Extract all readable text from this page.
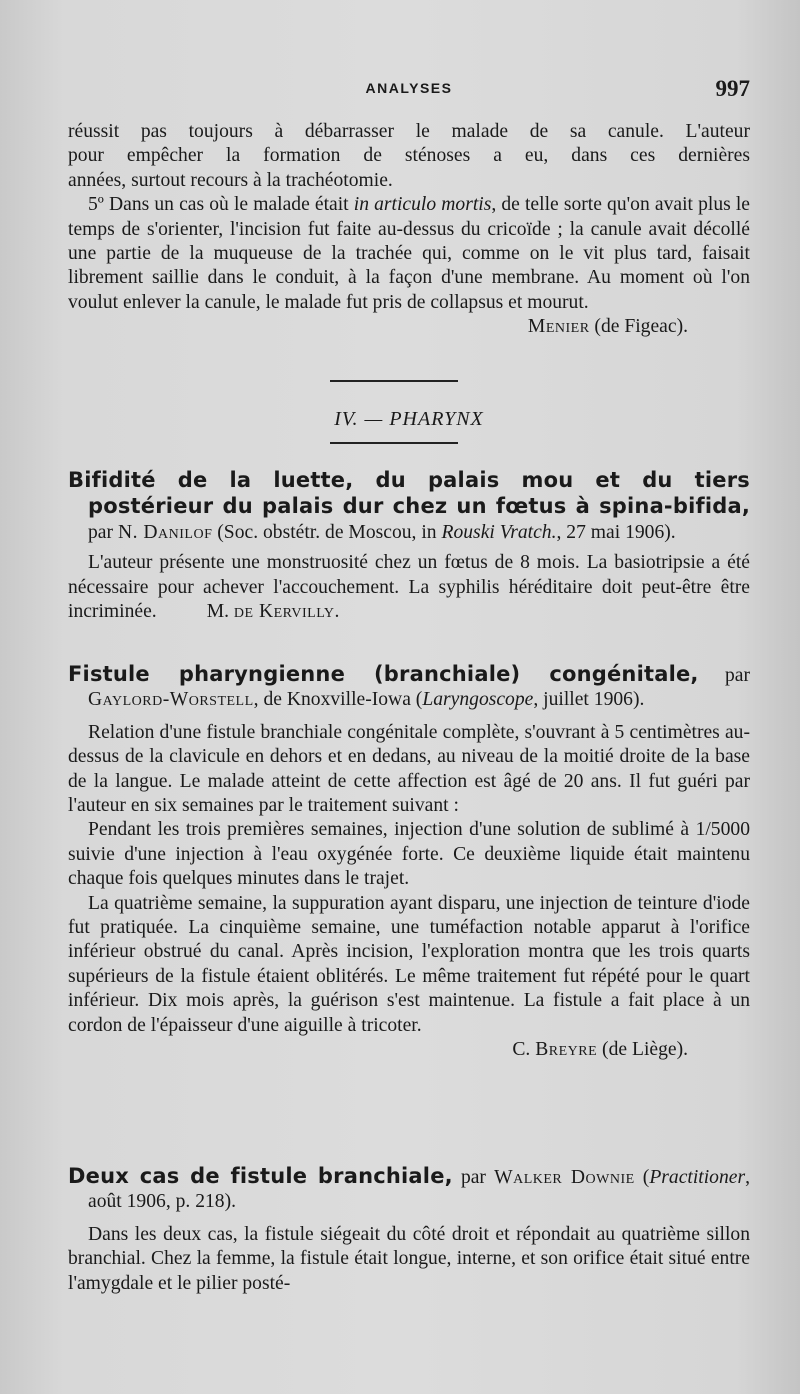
ANALYSES	997

réussit pas toujours à débarrasser le malade de sa canule. L'auteur

pour empêcher la formation de sténoses a eu, dans ces dernières

années, surtout recours à la trachéotomie.

5º Dans un cas où le malade était in articulo mortis, de telle sorte qu'on avait plus le temps de s'orienter, l'incision fut faite au-dessus du cricoïde ; la canule avait décollé une partie de la muqueuse de la trachée qui, comme on le vit plus tard, faisait librement saillie dans le conduit, à la façon d'une membrane. Au moment où l'on voulut enlever la canule, le malade fut pris de collapsus et mourut.

Menier (de Figeac).

IV. — PHARYNX

Bifidité de la luette, du palais mou et du tiers postérieur du palais dur chez un fœtus à spina-bifida, par N. Danilof (Soc. obstétr. de Moscou, in Rouski Vratch., 27 mai 1906).

L'auteur présente une monstruosité chez un fœtus de 8 mois. La basiotripsie a été nécessaire pour achever l'accouchement. La syphilis héréditaire doit peut-être être incriminée.	M. de Kervilly.

Fistule pharyngienne (branchiale) congénitale, par Gaylord-Worstell, de Knoxville-Iowa (Laryngoscope, juillet 1906).

Relation d'une fistule branchiale congénitale complète, s'ouvrant à 5 centimètres au-dessus de la clavicule en dehors et en dedans, au niveau de la moitié droite de la base de la langue. Le malade atteint de cette affection est âgé de 20 ans. Il fut guéri par l'auteur en six semaines par le traitement suivant :

Pendant les trois premières semaines, injection d'une solution de sublimé à 1/5000 suivie d'une injection à l'eau oxygénée forte. Ce deuxième liquide était maintenu chaque fois quelques minutes dans le trajet.

La quatrième semaine, la suppuration ayant disparu, une injection de teinture d'iode fut pratiquée. La cinquième semaine, une tuméfaction notable apparut à l'orifice inférieur obstrué du canal. Après incision, l'exploration montra que les trois quarts supérieurs de la fistule étaient oblitérés. Le même traitement fut répété pour le quart inférieur. Dix mois après, la guérison s'est maintenue. La fistule a fait place à un cordon de l'épaisseur d'une aiguille à tricoter.

C. Breyre (de Liège).

Deux cas de fistule branchiale, par Walker Downie (Practitioner, août 1906, p. 218).

Dans les deux cas, la fistule siégeait du côté droit et répondait au quatrième sillon branchial. Chez la femme, la fistule était longue, interne, et son orifice était situé entre l'amygdale et le pilier posté-
